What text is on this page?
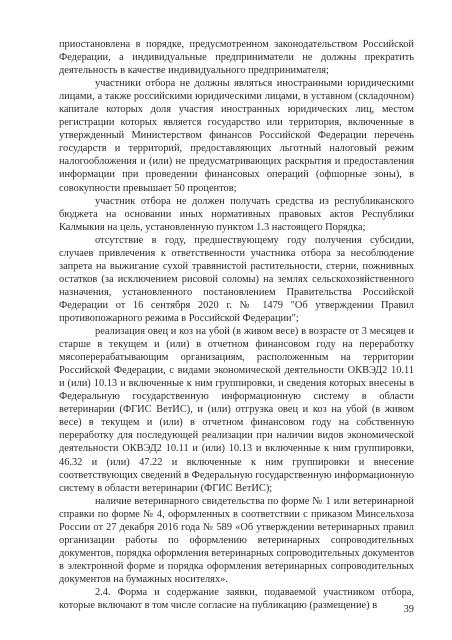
приостановлена в порядке, предусмотренном законодательством Российской Федерации, а индивидуальные предприниматели не должны прекратить деятельность в качестве индивидуального предпринимателя;

участники отбора не должны являться иностранными юридическими лицами, а также российскими юридическими лицами, в уставном (складочном) капитале которых доля участия иностранных юридических лиц, местом регистрации которых является государство или территория, включенные в утвержденный Министерством финансов Российской Федерации перечень государств и территорий, предоставляющих льготный налоговый режим налогообложения и (или) не предусматривающих раскрытия и предоставления информации при проведении финансовых операций (офшорные зоны), в совокупности превышает 50 процентов;

участник отбора не должен получать средства из республиканского бюджета на основании иных нормативных правовых актов Республики Калмыкия на цель, установленную пунктом 1.3 настоящего Порядка;

отсутствие в году, предшествующему году получения субсидии, случаев привлечения к ответственности участника отбора за несоблюдение запрета на выжигание сухой травянистой растительности, стерни, пожнивных остатков (за исключением рисовой соломы) на землях сельскохозяйственного назначения, установленного постановлением Правительства Российской Федерации от 16 сентября 2020 г. № 1479 "Об утверждении Правил противопожарного режима в Российской Федерации";

реализация овец и коз на убой (в живом весе) в возрасте от 3 месяцев и старше в текущем и (или) в отчетном финансовом году на переработку мясоперерабатывающим организациям, расположенным на территории Российской Федерации, с видами экономической деятельности ОКВЭД2 10.11 и (или) 10.13 и включенные к ним группировки, и сведения которых внесены в Федеральную государственную информационную систему в области ветеринарии (ФГИС ВетИС), и (или) отгрузка овец и коз на убой (в живом весе) в текущем и (или) в отчетном финансовом году на собственную переработку для последующей реализации при наличии видов экономической деятельности ОКВЭД2 10.11 и (или) 10.13 и включенные к ним группировки, 46.32 и (или) 47.22 и включенные к ним группировки и внесение соответствующих сведений в Федеральную государственную информационную систему в области ветеринарии (ФГИС ВетИС);

наличие ветеринарного свидетельства по форме № 1 или ветеринарной справки по форме № 4, оформленных в соответствии с приказом Минсельхоза России от 27 декабря 2016 года № 589 «Об утверждении ветеринарных правил организации работы по оформлению ветеринарных сопроводительных документов, порядка оформления ветеринарных сопроводительных документов в электронной форме и порядка оформления ветеринарных сопроводительных документов на бумажных носителях».

2.4. Форма и содержание заявки, подаваемой участником отбора, которые включают в том числе согласие на публикацию (размещение) в	39
